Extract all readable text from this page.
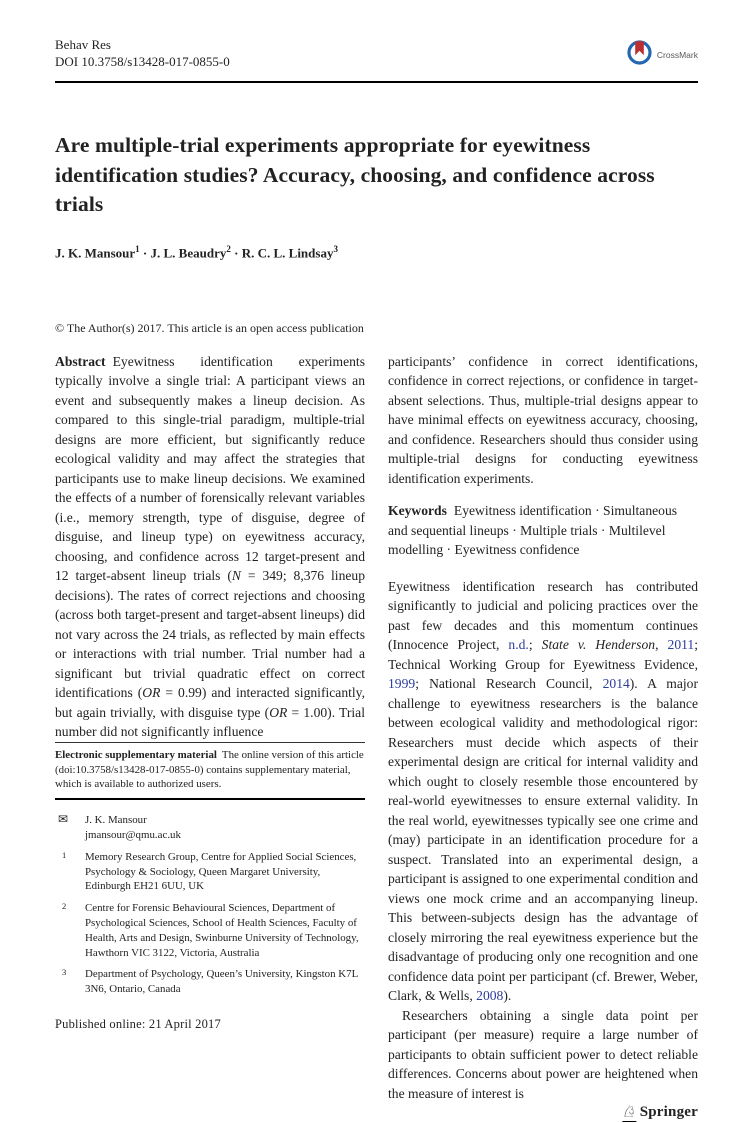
Behav Res
DOI 10.3758/s13428-017-0855-0	CrossMark
Are multiple-trial experiments appropriate for eyewitness identification studies? Accuracy, choosing, and confidence across trials
J. K. Mansour$^1$ · J. L. Beaudry$^2$ · R. C. L. Lindsay$^3$
© The Author(s) 2017. This article is an open access publication

Abstract Eyewitness identification experiments typically involve a single trial: A participant views an event and subsequently makes a lineup decision. As compared to this single-trial paradigm, multiple-trial designs are more efficient, but significantly reduce ecological validity and may affect the strategies that participants use to make lineup decisions. We examined the effects of a number of forensically relevant variables (i.e., memory strength, type of disguise, degree of disguise, and lineup type) on eyewitness accuracy, choosing, and confidence across 12 target-present and 12 target-absent lineup trials (N = 349; 8,376 lineup decisions). The rates of correct rejections and choosing (across both target-present and target-absent lineups) did not vary across the 24 trials, as reflected by main effects or interactions with trial number. Trial number had a significant but trivial quadratic effect on correct identifications (OR = 0.99) and interacted significantly, but again trivially, with disguise type (OR = 1.00). Trial number did not significantly influence

Electronic supplementary material The online version of this article (doi:10.3758/s13428-017-0855-0) contains supplementary material, which is available to authorized users.

✉ J. K. Mansour
jmansour@qmu.ac.uk
1 Memory Research Group, Centre for Applied Social Sciences, Psychology & Sociology, Queen Margaret University, Edinburgh EH21 6UU, UK
2 Centre for Forensic Behavioural Sciences, Department of Psychological Sciences, School of Health Sciences, Faculty of Health, Arts and Design, Swinburne University of Technology, Hawthorn VIC 3122, Victoria, Australia
3 Department of Psychology, Queen’s University, Kingston K7L 3N6, Ontario, Canada
Published online: 21 April 2017

participants’ confidence in correct identifications, confidence in correct rejections, or confidence in target-absent selections. Thus, multiple-trial designs appear to have minimal effects on eyewitness accuracy, choosing, and confidence. Researchers should thus consider using multiple-trial designs for conducting eyewitness identification experiments.

Keywords Eyewitness identification · Simultaneous and sequential lineups · Multiple trials · Multilevel modelling · Eyewitness confidence

Eyewitness identification research has contributed significantly to judicial and policing practices over the past few decades and this momentum continues (Innocence Project, n.d.; State v. Henderson, 2011; Technical Working Group for Eyewitness Evidence, 1999; National Research Council, 2014). A major challenge to eyewitness researchers is the balance between ecological validity and methodological rigor: Researchers must decide which aspects of their experimental design are critical for internal validity and which ought to closely resemble those encountered by real-world eyewitnesses to ensure external validity. In the real world, eyewitnesses typically see one crime and (may) participate in an identification procedure for a suspect. Translated into an experimental design, a participant is assigned to one experimental condition and views one mock crime and an accompanying lineup. This between-subjects design has the advantage of closely mirroring the real eyewitness experience but the disadvantage of producing only one recognition and one confidence data point per participant (cf. Brewer, Weber, Clark, & Wells, 2008).

Researchers obtaining a single data point per participant (per measure) require a large number of participants to obtain sufficient power to detect reliable differences. Concerns about power are heightened when the measure of interest is

♘ Springer
